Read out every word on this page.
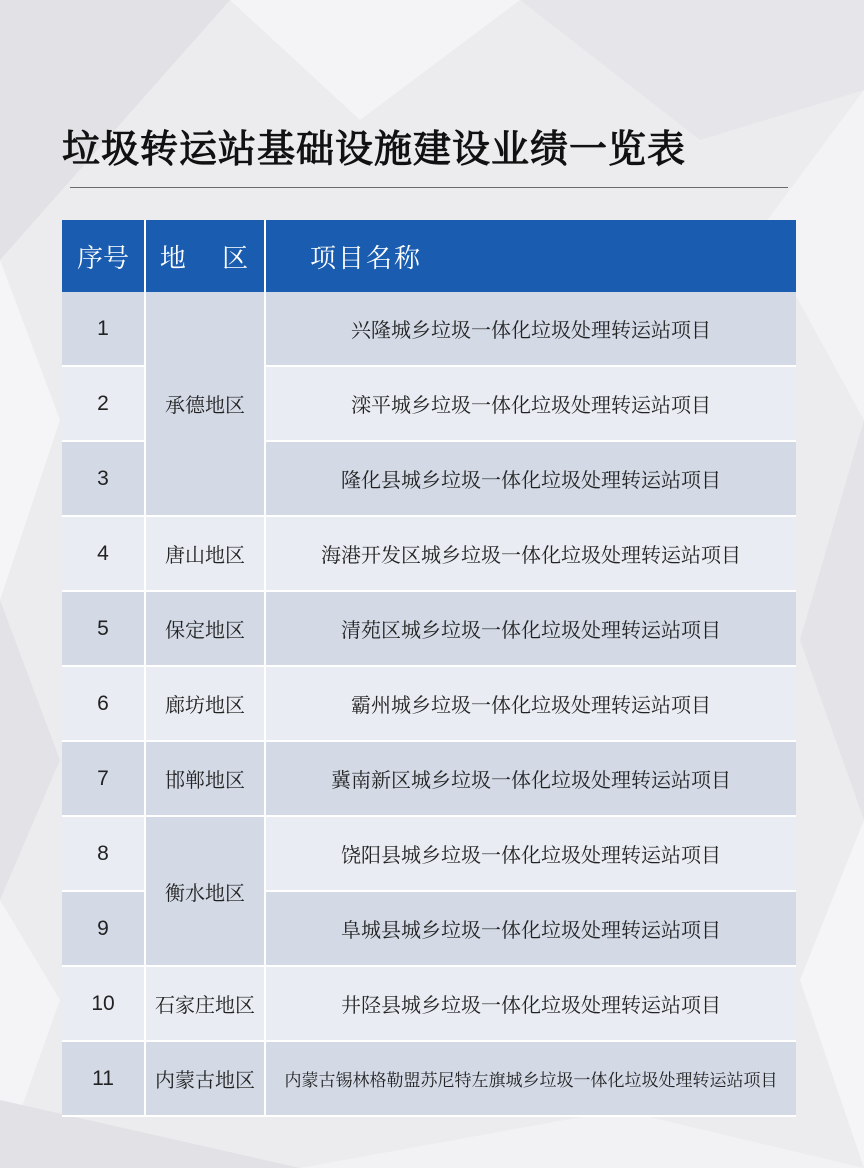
垃圾转运站基础设施建设业绩一览表
序号	地 区	项目名称
1	承德地区	兴隆城乡垃圾一体化垃圾处理转运站项目
2		滦平城乡垃圾一体化垃圾处理转运站项目
3		隆化县城乡垃圾一体化垃圾处理转运站项目
4	唐山地区	海港开发区城乡垃圾一体化垃圾处理转运站项目
5	保定地区	清苑区城乡垃圾一体化垃圾处理转运站项目
6	廊坊地区	霸州城乡垃圾一体化垃圾处理转运站项目
7	邯郸地区	冀南新区城乡垃圾一体化垃圾处理转运站项目
8	衡水地区	饶阳县城乡垃圾一体化垃圾处理转运站项目
9		阜城县城乡垃圾一体化垃圾处理转运站项目
10	石家庄地区	井陉县城乡垃圾一体化垃圾处理转运站项目
11	内蒙古地区	内蒙古锡林格勒盟苏尼特左旗城乡垃圾一体化垃圾处理转运站项目
